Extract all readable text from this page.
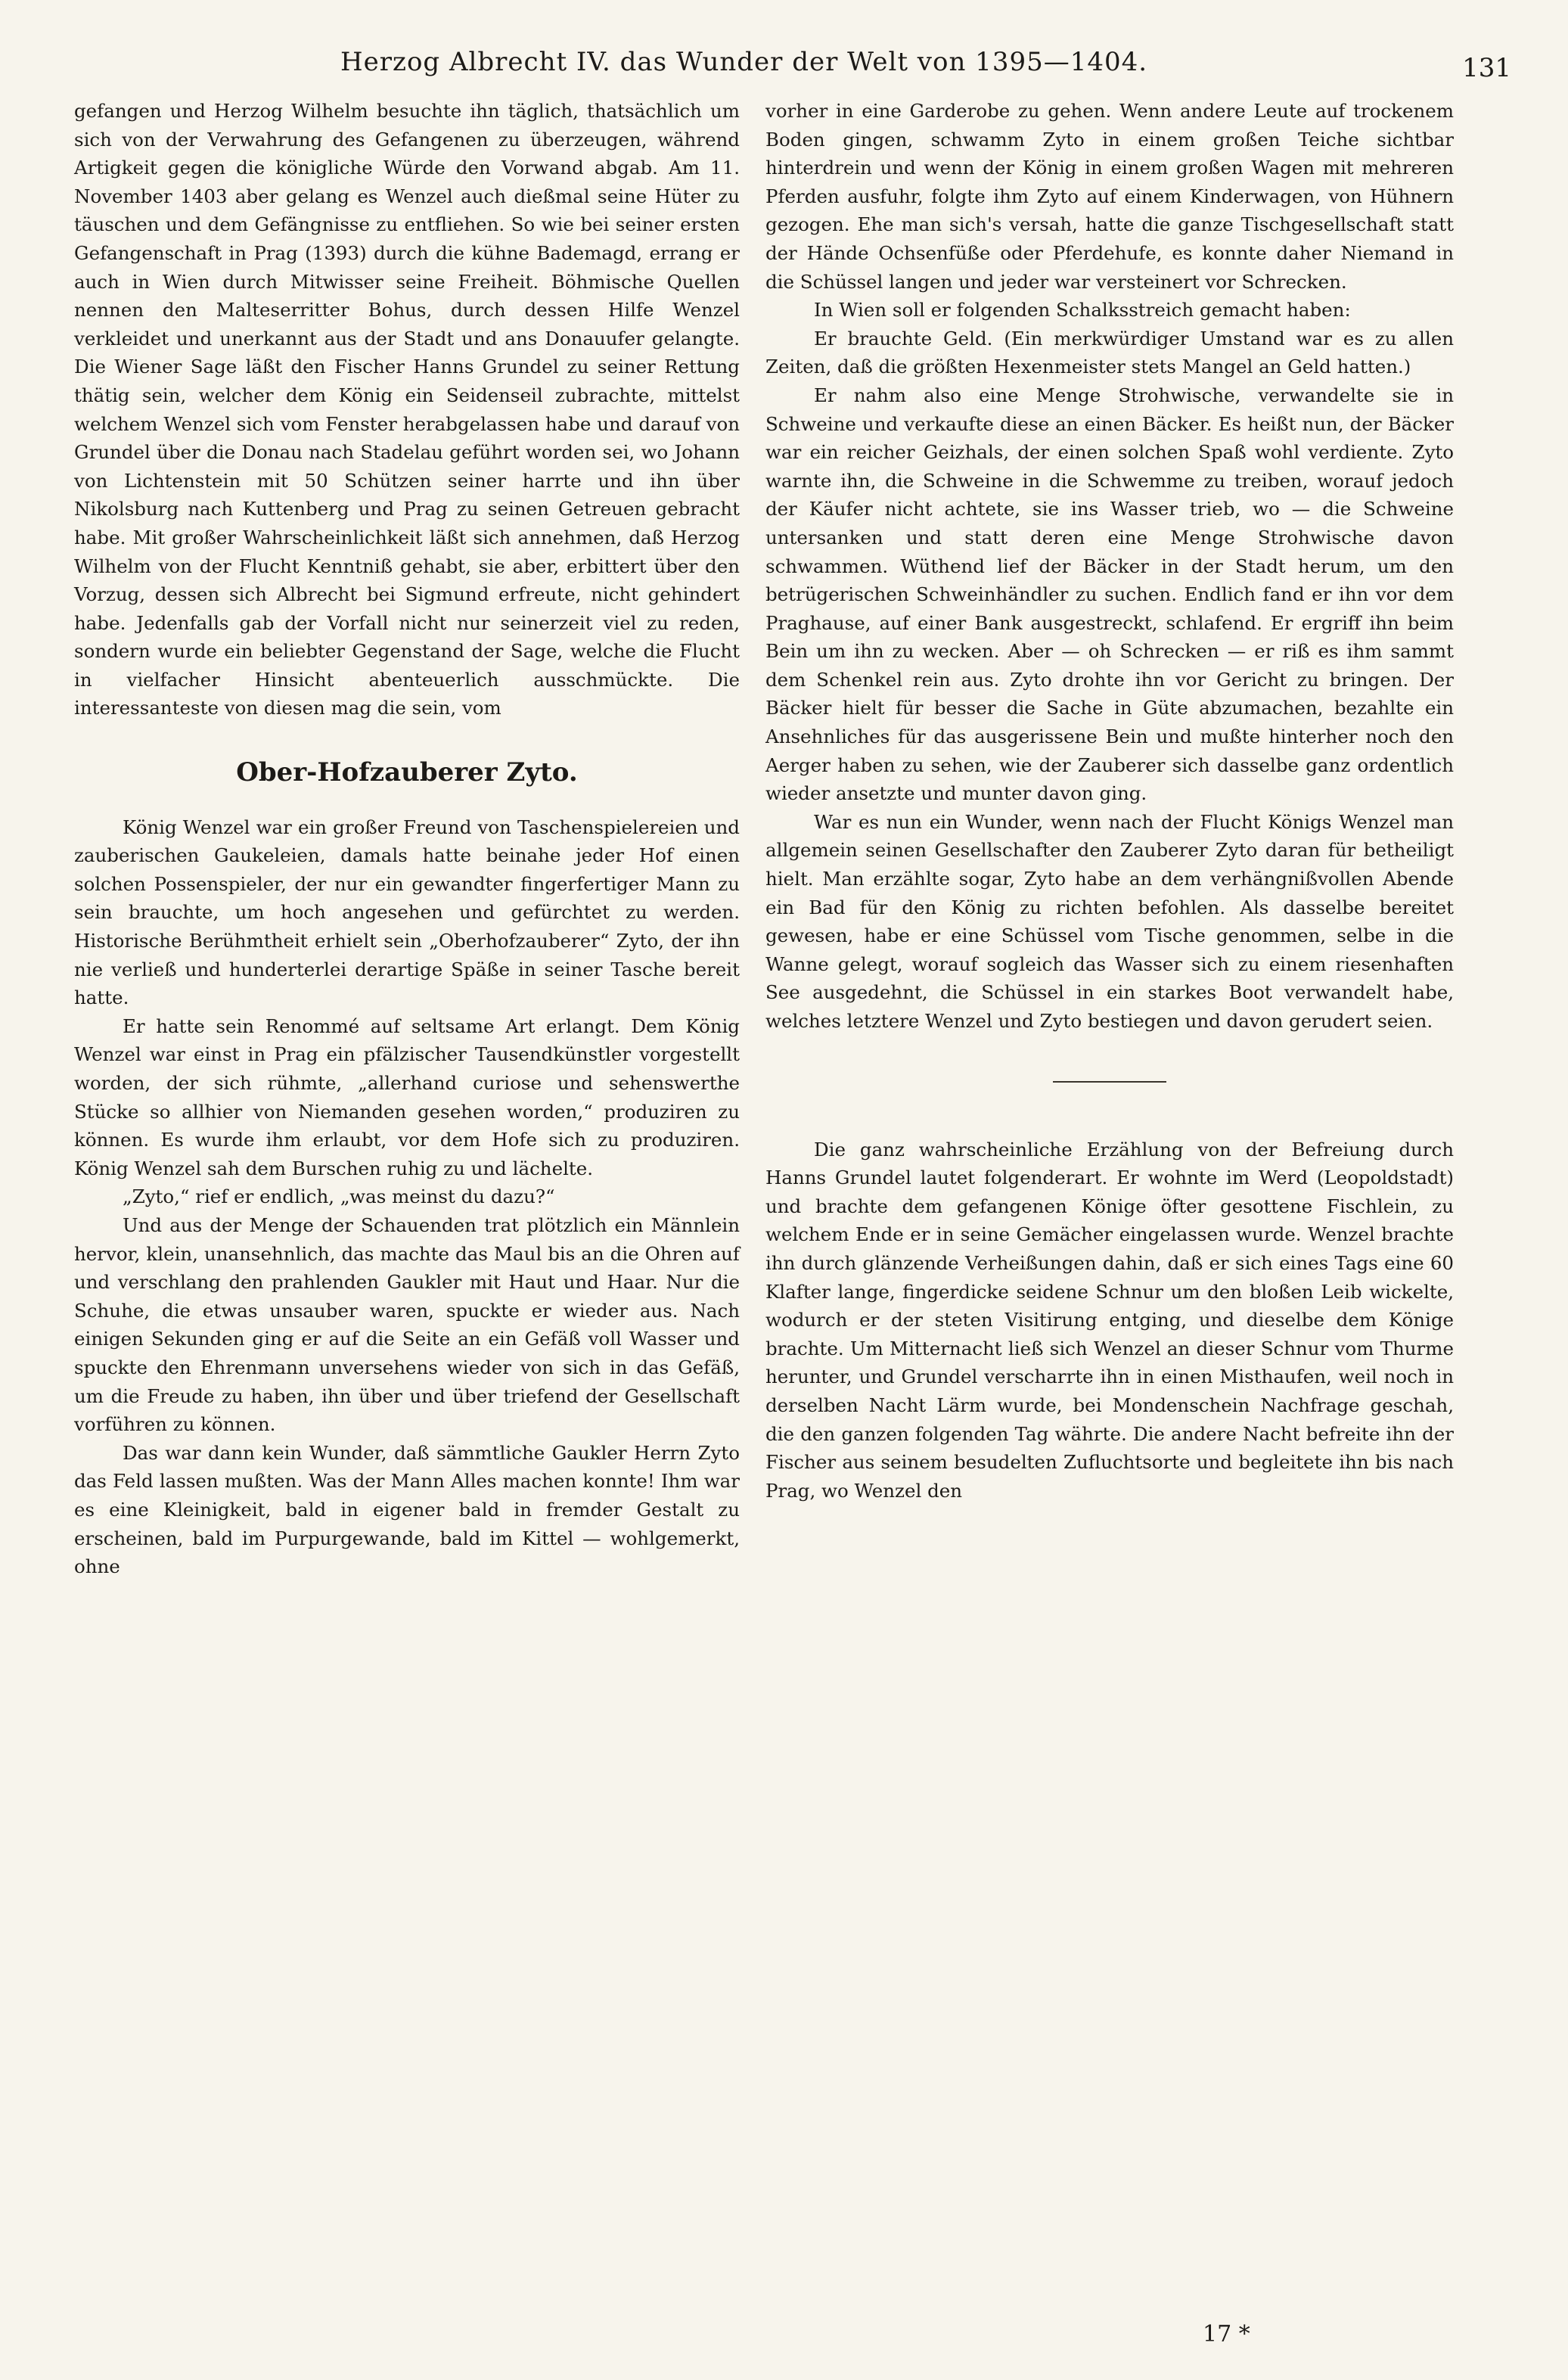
Herzog Albrecht IV. das Wunder der Welt von 1395—1404.	131

gefangen und Herzog Wilhelm besuchte ihn täglich, thatsächlich um sich von der Verwahrung des Gefangenen zu überzeugen, während Artigkeit gegen die königliche Würde den Vorwand abgab. Am 11. November 1403 aber gelang es Wenzel auch dießmal seine Hüter zu täuschen und dem Gefängnisse zu entfliehen. So wie bei seiner ersten Gefangenschaft in Prag (1393) durch die kühne Bademagd, errang er auch in Wien durch Mitwisser seine Freiheit. Böhmische Quellen nennen den Malteserritter Bohus, durch dessen Hilfe Wenzel verkleidet und unerkannt aus der Stadt und ans Donauufer gelangte. Die Wiener Sage läßt den Fischer Hanns Grundel zu seiner Rettung thätig sein, welcher dem König ein Seidenseil zubrachte, mittelst welchem Wenzel sich vom Fenster herabgelassen habe und darauf von Grundel über die Donau nach Stadelau geführt worden sei, wo Johann von Lichtenstein mit 50 Schützen seiner harrte und ihn über Nikolsburg nach Kuttenberg und Prag zu seinen Getreuen gebracht habe. Mit großer Wahrscheinlichkeit läßt sich annehmen, daß Herzog Wilhelm von der Flucht Kenntniß gehabt, sie aber, erbittert über den Vorzug, dessen sich Albrecht bei Sigmund erfreute, nicht gehindert habe. Jedenfalls gab der Vorfall nicht nur seinerzeit viel zu reden, sondern wurde ein beliebter Gegenstand der Sage, welche die Flucht in vielfacher Hinsicht abenteuerlich ausschmückte. Die interessanteste von diesen mag die sein, vom

Ober-Hofzauberer Zyto.

König Wenzel war ein großer Freund von Taschenspielereien und zauberischen Gaukeleien, damals hatte beinahe jeder Hof einen solchen Possenspieler, der nur ein gewandter fingerfertiger Mann zu sein brauchte, um hoch angesehen und gefürchtet zu werden. Historische Berühmtheit erhielt sein „Oberhofzauberer“ Zyto, der ihn nie verließ und hunderterlei derartige Späße in seiner Tasche bereit hatte.

Er hatte sein Renommé auf seltsame Art erlangt. Dem König Wenzel war einst in Prag ein pfälzischer Tausendkünstler vorgestellt worden, der sich rühmte, „allerhand curiose und sehenswerthe Stücke so allhier von Niemanden gesehen worden,“ produziren zu können. Es wurde ihm erlaubt, vor dem Hofe sich zu produziren. König Wenzel sah dem Burschen ruhig zu und lächelte.

„Zyto,“ rief er endlich, „was meinst du dazu?“

Und aus der Menge der Schauenden trat plötzlich ein Männlein hervor, klein, unansehnlich, das machte das Maul bis an die Ohren auf und verschlang den prahlenden Gaukler mit Haut und Haar. Nur die Schuhe, die etwas unsauber waren, spuckte er wieder aus. Nach einigen Sekunden ging er auf die Seite an ein Gefäß voll Wasser und spuckte den Ehrenmann unversehens wieder von sich in das Gefäß, um die Freude zu haben, ihn über und über triefend der Gesellschaft vorführen zu können.

Das war dann kein Wunder, daß sämmtliche Gaukler Herrn Zyto das Feld lassen mußten. Was der Mann Alles machen konnte! Ihm war es eine Kleinigkeit, bald in eigener bald in fremder Gestalt zu erscheinen, bald im Purpurgewande, bald im Kittel — wohlgemerkt, ohne

vorher in eine Garderobe zu gehen. Wenn andere Leute auf trockenem Boden gingen, schwamm Zyto in einem großen Teiche sichtbar hinterdrein und wenn der König in einem großen Wagen mit mehreren Pferden ausfuhr, folgte ihm Zyto auf einem Kinderwagen, von Hühnern gezogen. Ehe man sich's versah, hatte die ganze Tischgesellschaft statt der Hände Ochsenfüße oder Pferdehufe, es konnte daher Niemand in die Schüssel langen und jeder war versteinert vor Schrecken.

In Wien soll er folgenden Schalksstreich gemacht haben:

Er brauchte Geld. (Ein merkwürdiger Umstand war es zu allen Zeiten, daß die größten Hexenmeister stets Mangel an Geld hatten.)

Er nahm also eine Menge Strohwische, verwandelte sie in Schweine und verkaufte diese an einen Bäcker. Es heißt nun, der Bäcker war ein reicher Geizhals, der einen solchen Spaß wohl verdiente. Zyto warnte ihn, die Schweine in die Schwemme zu treiben, worauf jedoch der Käufer nicht achtete, sie ins Wasser trieb, wo — die Schweine untersanken und statt deren eine Menge Strohwische davon schwammen. Wüthend lief der Bäcker in der Stadt herum, um den betrügerischen Schweinhändler zu suchen. Endlich fand er ihn vor dem Praghause, auf einer Bank ausgestreckt, schlafend. Er ergriff ihn beim Bein um ihn zu wecken. Aber — oh Schrecken — er riß es ihm sammt dem Schenkel rein aus. Zyto drohte ihn vor Gericht zu bringen. Der Bäcker hielt für besser die Sache in Güte abzumachen, bezahlte ein Ansehnliches für das ausgerissene Bein und mußte hinterher noch den Aerger haben zu sehen, wie der Zauberer sich dasselbe ganz ordentlich wieder ansetzte und munter davon ging.

War es nun ein Wunder, wenn nach der Flucht Königs Wenzel man allgemein seinen Gesellschafter den Zauberer Zyto daran für betheiligt hielt. Man erzählte sogar, Zyto habe an dem verhängnißvollen Abende ein Bad für den König zu richten befohlen. Als dasselbe bereitet gewesen, habe er eine Schüssel vom Tische genommen, selbe in die Wanne gelegt, worauf sogleich das Wasser sich zu einem riesenhaften See ausgedehnt, die Schüssel in ein starkes Boot verwandelt habe, welches letztere Wenzel und Zyto bestiegen und davon gerudert seien.

Die ganz wahrscheinliche Erzählung von der Befreiung durch Hanns Grundel lautet folgenderart. Er wohnte im Werd (Leopoldstadt) und brachte dem gefangenen Könige öfter gesottene Fischlein, zu welchem Ende er in seine Gemächer eingelassen wurde. Wenzel brachte ihn durch glänzende Verheißungen dahin, daß er sich eines Tags eine 60 Klafter lange, fingerdicke seidene Schnur um den bloßen Leib wickelte, wodurch er der steten Visitirung entging, und dieselbe dem Könige brachte. Um Mitternacht ließ sich Wenzel an dieser Schnur vom Thurme herunter, und Grundel verscharrte ihn in einen Misthaufen, weil noch in derselben Nacht Lärm wurde, bei Mondenschein Nachfrage geschah, die den ganzen folgenden Tag währte. Die andere Nacht befreite ihn der Fischer aus seinem besudelten Zufluchtsorte und begleitete ihn bis nach Prag, wo Wenzel den

17 *
